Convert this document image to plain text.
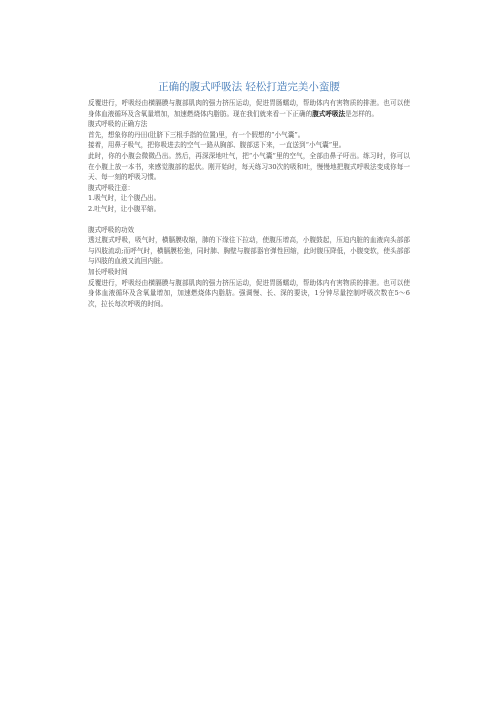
正确的腹式呼吸法 轻松打造完美小蛮腰

反覆进行，呼吸经由横膈膜与腹部肌肉的强力挤压运动，促进胃肠蠕动，帮助体内有害物质的排泄。也可以使身体血液循环及含氧量增加，加速燃烧体内脂肪。现在我们就来看一下正确的腹式呼吸法是怎样的。

腹式呼吸的正确方法

首先，想象你的丹田(肚脐下三根手指的位置)里，有一个假想的“小气囊”。

接着，用鼻子吸气，把你吸进去的空气一路从胸部、腹部送下来，一直送到“小气囊”里。

此时，你的小腹会微微凸出。然后，再深深地吐气，把“小气囊”里的空气，全部由鼻子吁出。练习时，你可以在小腹上放一本书，来感觉腹部的起伏。刚开始时，每天练习30次的吸和吐，慢慢地把腹式呼吸法变成你每一天、每一刻的呼吸习惯。

腹式呼吸注意：

1.吸气时，让个腹凸出。

2.吐气时，让小腹平缩。

腹式呼吸的功效

透过腹式呼吸，吸气时，横膈膜收缩，肺的下缘往下拉动，使腹压增高，小腹鼓起，压迫内脏的血液向头部部与四肢流动;而呼气时，横膈膜松弛，同时肺、胸壁与腹部器官弹性回缩，此时腹压降低，小腹变软，使头部部与四肢的血液又流回内脏。

加长呼吸时间

反覆进行，呼吸经由横膈膜与腹部肌肉的强力挤压运动，促进胃肠蠕动，帮助体内有害物质的排泄。也可以使身体血液循环及含氧量增加，加速燃烧体内脂肪。强调慢、长、深的要诀，1分钟尽量控制呼吸次数在5～6次，拉长每次呼吸的时间。
